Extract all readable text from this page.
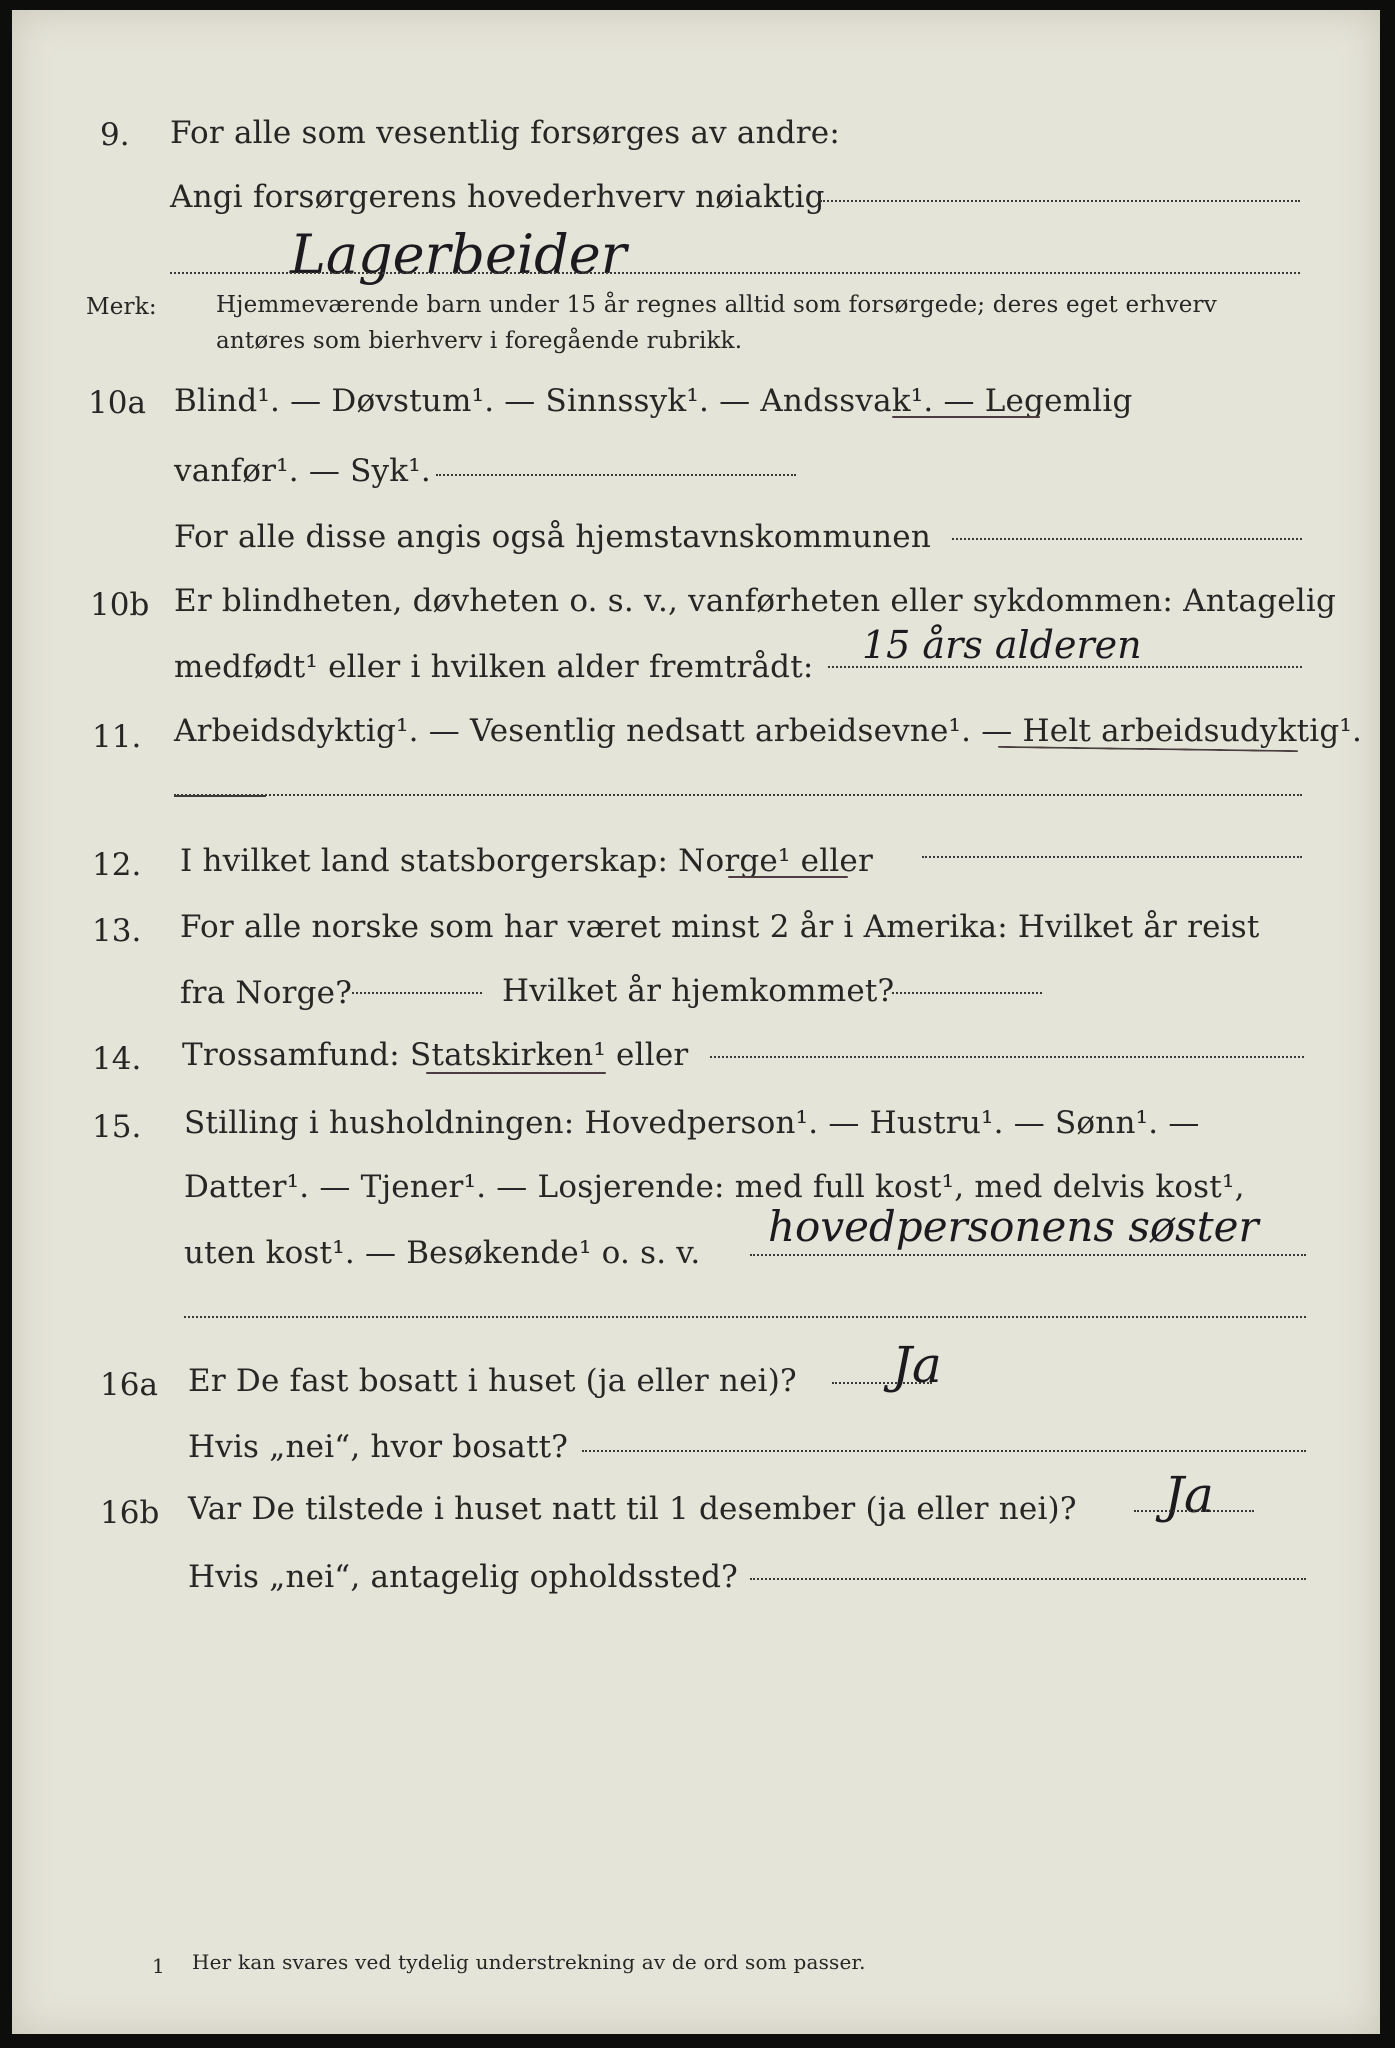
9. For alle som vesentlig forsørges av andre:
Angi forsørgerens hovederhverv nøiaktig
Lagerbeider
Merk:	Hjemmeværende barn under 15 år regnes alltid som forsørgede; deres eget erhverv
antøres som bierhverv i foregående rubrikk.
10a Blind¹. — Døvstum¹. — Sinnssyk¹. — Andssvak¹. — Legemlig
vanfør¹. — Syk¹.
For alle disse angis også hjemstavnskommunen
10b Er blindheten, døvheten o. s. v., vanførheten eller sykdommen: Antagelig
medfødt¹ eller i hvilken alder fremtrådt: 15 års alderen
11. Arbeidsdyktig¹. — Vesentlig nedsatt arbeidsevne¹. — Helt arbeidsudyktig¹.
12. I hvilket land statsborgerskap: Norge¹ eller
13. For alle norske som har været minst 2 år i Amerika: Hvilket år reist
fra Norge?	Hvilket år hjemkommet?
14. Trossamfund: Statskirken¹ eller
15. Stilling i husholdningen: Hovedperson¹. — Hustru¹. — Sønn¹. —
Datter¹. — Tjener¹. — Losjerende: med full kost¹, med delvis kost¹,
uten kost¹. — Besøkende¹ o. s. v.
hovedpersonens søster
16a Er De fast bosatt i huset (ja eller nei)? Ja
Hvis „nei“, hvor bosatt?
16b Var De tilstede i huset natt til 1 desember (ja eller nei)? Ja
Hvis „nei“, antagelig opholdssted?
1 Her kan svares ved tydelig understrekning av de ord som passer.
